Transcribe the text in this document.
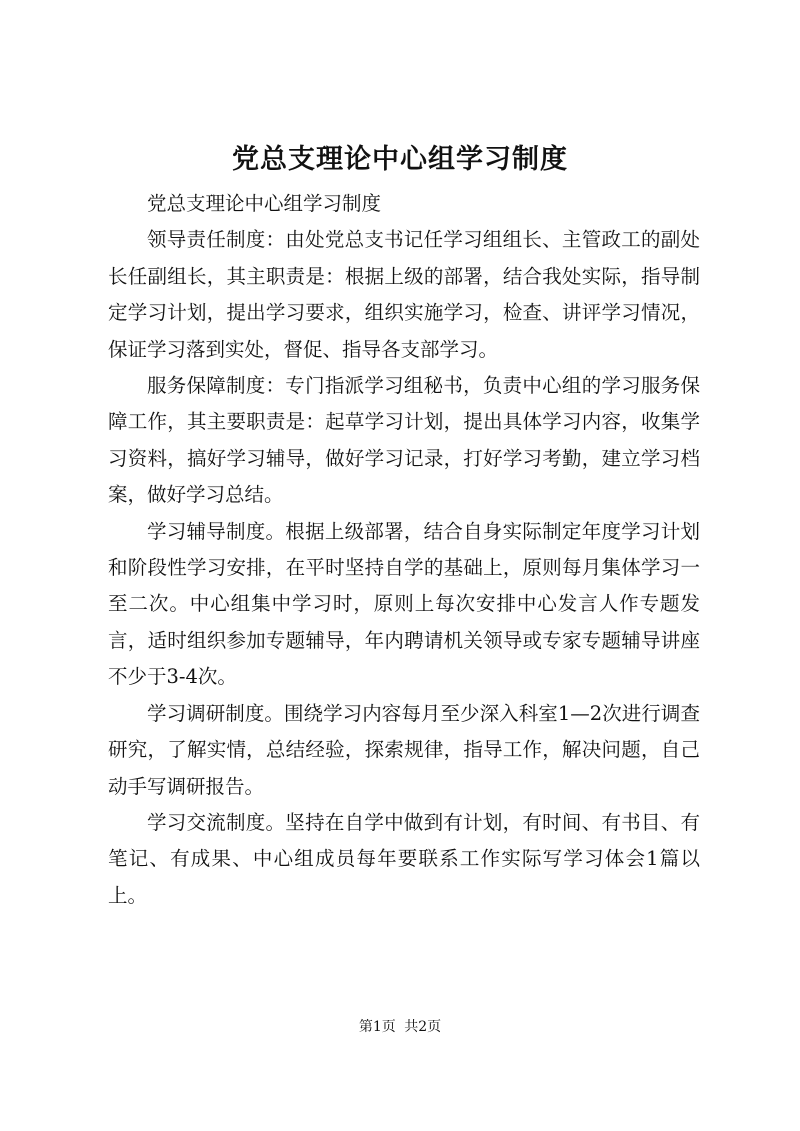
党总支理论中心组学习制度

党总支理论中心组学习制度

领导责任制度：由处党总支书记任学习组组长、主管政工的副处长任副组长，其主职责是：根据上级的部署，结合我处实际，指导制定学习计划，提出学习要求，组织实施学习，检查、讲评学习情况，保证学习落到实处，督促、指导各支部学习。

服务保障制度：专门指派学习组秘书，负责中心组的学习服务保障工作，其主要职责是：起草学习计划，提出具体学习内容，收集学习资料，搞好学习辅导，做好学习记录，打好学习考勤，建立学习档案，做好学习总结。

学习辅导制度。根据上级部署，结合自身实际制定年度学习计划和阶段性学习安排，在平时坚持自学的基础上，原则每月集体学习一至二次。中心组集中学习时，原则上每次安排中心发言人作专题发言，适时组织参加专题辅导，年内聘请机关领导或专家专题辅导讲座不少于3-4次。

学习调研制度。围绕学习内容每月至少深入科室1—2次进行调查研究，了解实情，总结经验，探索规律，指导工作，解决问题，自己动手写调研报告。

学习交流制度。坚持在自学中做到有计划，有时间、有书目、有笔记、有成果、中心组成员每年要联系工作实际写学习体会1篇以上。

第1页 共2页
